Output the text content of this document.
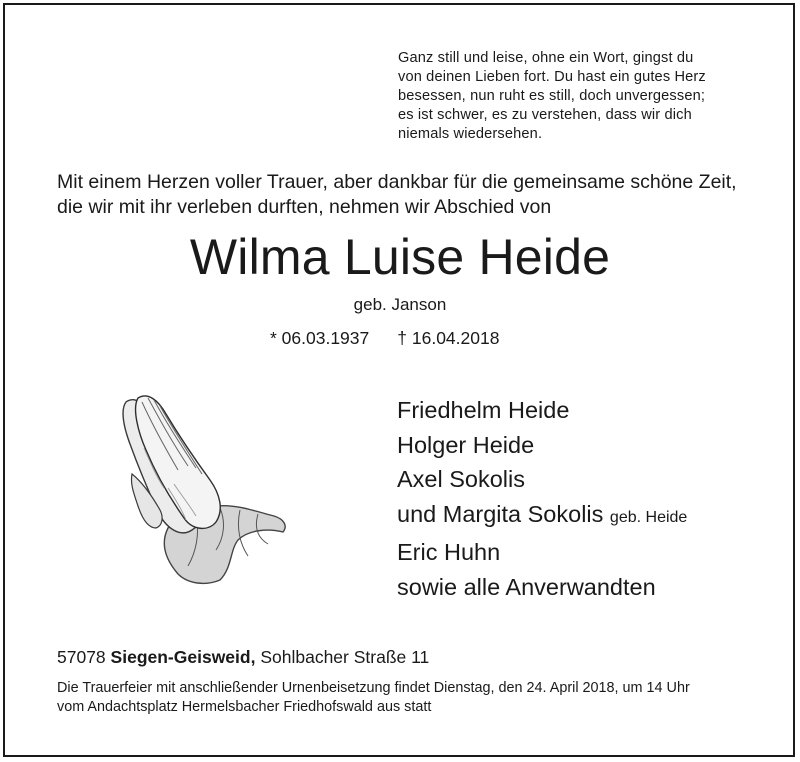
Ganz still und leise, ohne ein Wort, gingst du
von deinen Lieben fort. Du hast ein gutes Herz
besessen, nun ruht es still, doch unvergessen;
es ist schwer, es zu verstehen, dass wir dich
niemals wiedersehen.
Mit einem Herzen voller Trauer, aber dankbar für die gemeinsame schöne Zeit,
die wir mit ihr verleben durften, nehmen wir Abschied von
Wilma Luise Heide
geb. Janson
* 06.03.1937 † 16.04.2018
Friedhelm Heide
Holger Heide
Axel Sokolis
und Margita Sokolis geb. Heide
Eric Huhn
sowie alle Anverwandten
57078 Siegen-Geisweid, Sohlbacher Straße 11
Die Trauerfeier mit anschließender Urnenbeisetzung findet Dienstag, den 24. April 2018, um 14 Uhr
vom Andachtsplatz Hermelsbacher Friedhofswald aus statt
